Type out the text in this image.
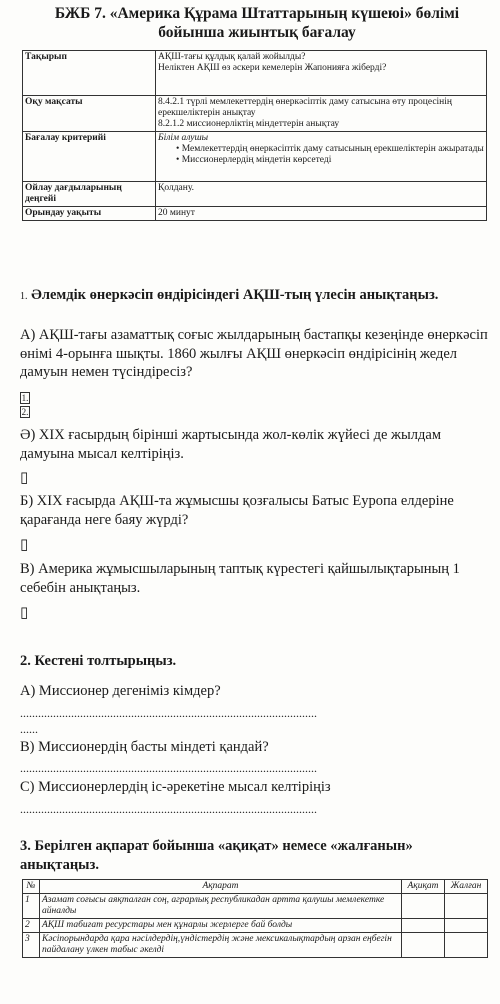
БЖБ 7. «Америка Құрама Штаттарының күшеюі» бөлімі бойынша жиынтық бағалау
Тақырып	АҚШ-тағы құлдық қалай жойылды?
Неліктен АҚШ өз әскери кемелерін Жапонияға жіберді?

Оқу мақсаты	8.4.2.1 түрлі мемлекеттердің өнеркәсіптік даму сатысына өту процесінің ерекшеліктерін анықтау
8.2.1.2 миссионерліктің міндеттерін анықтау

Бағалау критерийі	Білім алушы
• Мемлекеттердің өнеркәсіптік даму сатысының ерекшеліктерін ажыратады
• Миссионерлердің міндетін көрсетеді

Ойлау дағдыларының деңгейі	Қолдану.
Орындау уақыты	20 минут
1. Әлемдік өнеркәсіп өндірісіндегі АҚШ-тың үлесін анықтаңыз.
А) АҚШ-тағы азаматтық соғыс жылдарының бастапқы кезеңінде өнеркәсіп өнімі 4-орынға шықты. 1860 жылғы АҚШ өнеркәсіп өндірісінің жедел дамуын немен түсіндіресіз?
1.
2.
Ә) XIX ғасырдың бірінші жартысында жол-көлік жүйесі де жылдам дамуына мысал келтіріңіз.
▯
Б) XIX ғасырда АҚШ-та жұмысшы қозғалысы Батыс Еуропа елдеріне қарағанда неге баяу жүрді?
▯
В) Америка жұмысшыларының таптық күрестегі қайшылықтарының 1 себебін анықтаңыз.
▯
2. Кестені толтырыңыз.
А) Миссионер дегеніміз кімдер?
...................................................................................................
......
В) Миссионердің басты міндеті қандай?
...................................................................................................
С) Миссионерлердің іс-әрекетіне мысал келтіріңіз
...................................................................................................
3. Берілген ақпарат бойынша «ақиқат» немесе «жалғанын» анықтаңыз.
№	Ақпарат	Ақиқат	Жалған
1	Азамат соғысы аяқталған соң, аграрлық республикадан артта қалушы мемлекетке айналды		
2	АҚШ табиғат ресурстары мен құнарлы жерлерге бай болды		
3	Кәсіпорындарда қара нәсілдердің,үндістердің және мексикалықтардың арзан еңбегін пайдалану үлкен табыс әкелді		
